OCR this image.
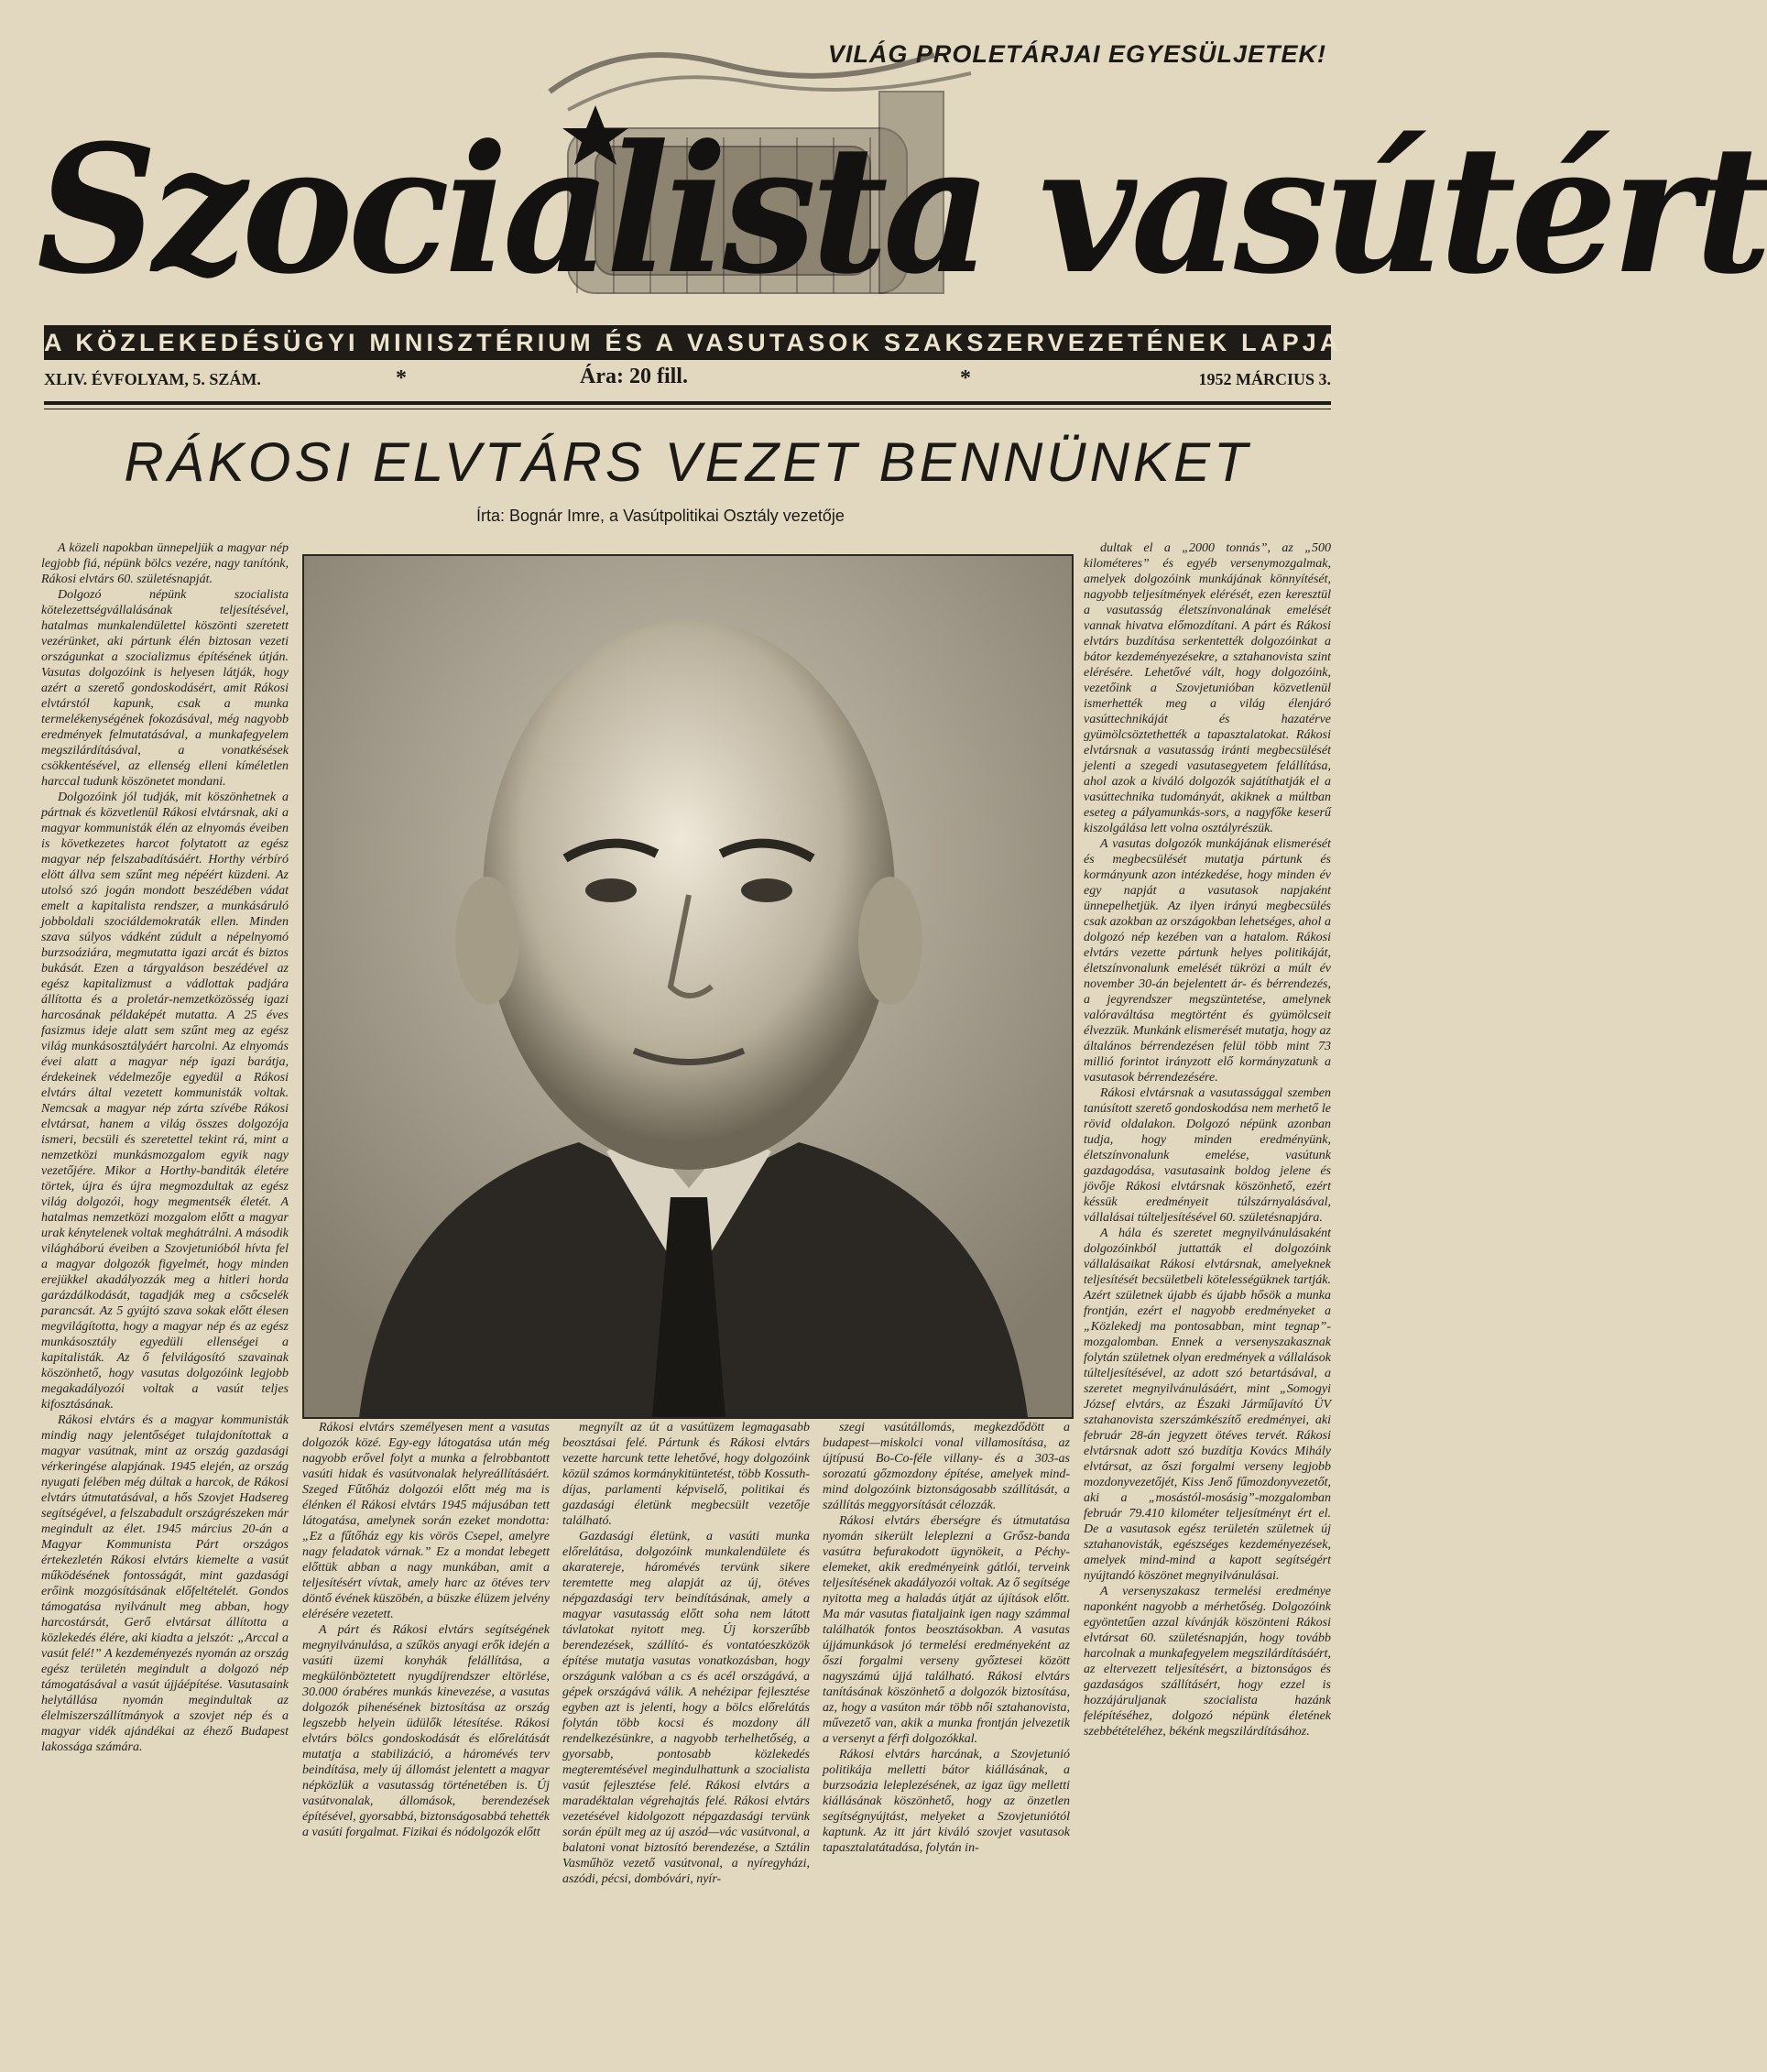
VILÁG PROLETÁRJAI EGYESÜLJETEK!
Szocialista vasútért
A KÖZLEKEDÉSÜGYI MINISZTÉRIUM ÉS A VASUTASOK SZAKSZERVEZETÉNEK LAPJA
XLIV. ÉVFOLYAM, 5. SZÁM.	*	Ára: 20 fill.	*	1952 MÁRCIUS 3.
RÁKOSI ELVTÁRS VEZET BENNÜNKET
Írta: Bognár Imre, a Vasútpolitikai Osztály vezetője

A közeli napokban ünnepeljük a magyar nép legjobb fiá, népünk bölcs vezére, nagy tanítónk, Rákosi elvtárs 60. születésnapját.

Dolgozó népünk szocialista kötelezettségvállalásának teljesítésével, hatalmas munkalendülettel köszönti szeretett vezérünket, aki pártunk élén biztosan vezeti országunkat a szocializmus építésének útján. Vasutas dolgozóink is helyesen látják, hogy azért a szerető gondoskodásért, amit Rákosi elvtárstól kapunk, csak a munka termelékenységének fokozásával, még nagyobb eredmények felmutatásával, a munkafegyelem megszilárdításával, a vonatkésések csökkentésével, az ellenség elleni kíméletlen harccal tudunk köszönetet mondani.

Dolgozóink jól tudják, mit köszönhetnek a pártnak és közvetlenül Rákosi elvtársnak, aki a magyar kommunisták élén az elnyomás éveiben is következetes harcot folytatott az egész magyar nép felszabadításáért. Horthy vérbíró elött állva sem szűnt meg népéért küzdeni. Az utolsó szó jogán mondott beszédében vádat emelt a kapitalista rendszer, a munkásáruló jobboldali szociáldemokraták ellen. Minden szava súlyos vádként zúdult a népelnyomó burzsoáziára, megmutatta igazi arcát és biztos bukását. Ezen a tárgyaláson beszédével az egész kapitalizmust a vádlottak padjára állította és a proletár-nemzetközösség igazi harcosának példaképét mutatta. A 25 éves fasizmus ideje alatt sem szűnt meg az egész világ munkásosztályáért harcolni. Az elnyomás évei alatt a magyar nép igazi barátja, érdekeinek védelmezője egyedül a Rákosi elvtárs által vezetett kommunisták voltak. Nemcsak a magyar nép zárta szívébe Rákosi elvtársat, hanem a világ összes dolgozója ismeri, becsüli és szeretettel tekint rá, mint a nemzetközi munkásmozgalom egyik nagy vezetőjére. Mikor a Horthy-banditák életére törtek, újra és újra megmozdultak az egész világ dolgozói, hogy megmentsék életét. A hatalmas nemzetközi mozgalom előtt a magyar urak kénytelenek voltak meghátrálni. A második világháború éveiben a Szovjetunióból hívta fel a magyar dolgozók figyelmét, hogy minden erejükkel akadályozzák meg a hitleri horda garázdálkodását, tagadják meg a csőcselék parancsát. Az 5 gyújtó szava sokak előtt élesen megvilágította, hogy a magyar nép és az egész munkásosztály egyedüli ellenségei a kapitalisták. Az ő felvilágosító szavainak köszönhető, hogy vasutas dolgozóink legjobb megakadályozói voltak a vasút teljes kifosztásának.

Rákosi elvtárs és a magyar kommunisták mindig nagy jelentőséget tulajdonítottak a magyar vasútnak, mint az ország gazdasági vérkeringése alapjának. 1945 elején, az ország nyugati felében még dúltak a harcok, de Rákosi elvtárs útmutatásával, a hős Szovjet Hadsereg segítségével, a felszabadult országrészeken már megindult az élet. 1945 március 20-án a Magyar Kommunista Párt országos értekezletén Rákosi elvtárs kiemelte a vasút működésének fontosságát, mint gazdasági erőink mozgósításának előfeltételét. Gondos támogatása nyilvánult meg abban, hogy harcostársát, Gerő elvtársat állította a közlekedés élére, aki kiadta a jelszót: „Arccal a vasút felé!” A kezdeményezés nyomán az ország egész területén megindult a dolgozó nép támogatásával a vasút újjáépítése. Vasutasaink helytállása nyomán megindultak az élelmiszerszállítmányok a szovjet nép és a magyar vidék ajándékai az éhező Budapest lakossága számára.

Rákosi elvtárs személyesen ment a vasutas dolgozók közé. Egy-egy látogatása után még nagyobb erővel folyt a munka a felrobbantott vasúti hidak és vasútvonalak helyreállításáért. Szeged Fűtőház dolgozói előtt még ma is élénken él Rákosi elvtárs 1945 májusában tett látogatása, amelynek során ezeket mondotta: „Ez a fűtőház egy kis vörös Csepel, amelyre nagy feladatok várnak.” Ez a mondat lebegett előttük abban a nagy munkában, amit a teljesítésért vívtak, amely harc az ötéves terv döntő évének küszöbén, a büszke élüzem jelvény elérésére vezetett.

A párt és Rákosi elvtárs segítségének megnyilvánulása, a szűkös anyagi erők idején a vasúti üzemi konyhák felállítása, a megkülönböztetett nyugdíjrendszer eltörlése, 30.000 órabéres munkás kinevezése, a vasutas dolgozók pihenésének biztosítása az ország legszebb helyein üdülők létesítése. Rákosi elvtárs bölcs gondoskodását és előrelátását mutatja a stabilizáció, a háromévés terv beindítása, mely új állomást jelentett a magyar népközlük a vasutasság történetében is. Új vasútvonalak, állomások, berendezések építésével, gyorsabbá, biztonságosabbá tehették a vasúti forgalmat. Fizikai és nódolgozók előtt

megnyílt az út a vasútüzem legmagasabb beosztásai felé. Pártunk és Rákosi elvtárs vezette harcunk tette lehetővé, hogy dolgozóink közül számos kormánykitüntetést, több Kossuth-díjas, parlamenti képviselő, politikai és gazdasági életünk megbecsült vezetője található.

Gazdasági életünk, a vasúti munka előrelátása, dolgozóink munkalendülete és akaratereje, háromévés tervünk sikere teremtette meg alapját az új, ötéves népgazdasági terv beindításának, amely a magyar vasutasság előtt soha nem látott távlatokat nyitott meg. Új korszerűbb berendezések, szállító- és vontatóeszközök építése mutatja vasutas vonatkozásban, hogy országunk valóban a cs és acél országává, a gépek országává válik. A nehézipar fejlesztése egyben azt is jelenti, hogy a bölcs előrelátás folytán több kocsi és mozdony áll rendelkezésünkre, a nagyobb terhelhetőség, a gyorsabb, pontosabb közlekedés megteremtésével megindulhattunk a szocialista vasút fejlesztése felé. Rákosi elvtárs a maradéktalan végrehajtás felé. Rákosi elvtárs vezetésével kidolgozott népgazdasági tervünk során épült meg az új aszód—vác vasútvonal, a balatoni vonat biztosító berendezése, a Sztálin Vasműhöz vezető vasútvonal, a nyíregyházi, aszódi, pécsi, dombóvári, nyír-

szegi vasútállomás, megkezdődött a budapest—miskolci vonal villamosítása, az újtípusú Bo-Co-féle villany- és a 303-as sorozatú gőzmozdony építése, amelyek mind-mind dolgozóink biztonságosabb szállítását, a szállítás meggyorsítását célozzák.

Rákosi elvtárs éberségre és útmutatása nyomán sikerült leleplezni a Grősz-banda vasútra befurakodott ügynökeit, a Péchy-elemeket, akik eredményeink gátlói, terveink teljesítésének akadályozói voltak. Az ő segítsége nyitotta meg a haladás útját az újítások előtt. Ma már vasutas fiataljaink igen nagy számmal találhatók fontos beosztásokban. A vasutas újjámunkások jó termelési eredményeként az őszi forgalmi verseny győztesei között nagyszámú újjá található. Rákosi elvtárs tanításának köszönhető a dolgozók biztosítása, az, hogy a vasúton már több női sztahanovista, művezető van, akik a munka frontján jelvezetik a versenyt a férfi dolgozókkal.

Rákosi elvtárs harcának, a Szovjetunió politikája melletti bátor kiállásának, a burzsoázia leleplezésének, az igaz ügy melletti kiállásának köszönhető, hogy az önzetlen segítségnyújtást, melyeket a Szovjetuniótól kaptunk. Az itt járt kiváló szovjet vasutasok tapasztalatátadása, folytán in-

dultak el a „2000 tonnás”, az „500 kilométeres” és egyéb versenymozgalmak, amelyek dolgozóink munkájának könnyítését, nagyobb teljesítmények elérését, ezen keresztül a vasutasság életszínvonalának emelését vannak hivatva előmozdítani. A párt és Rákosi elvtárs buzdítása serkentették dolgozóinkat a bátor kezdeményezésekre, a sztahanovista szint elérésére. Lehetővé vált, hogy dolgozóink, vezetőink a Szovjetunióban közvetlenül ismerhették meg a világ élenjáró vasúttechnikáját és hazatérve gyümölcsöztethették a tapasztalatokat. Rákosi elvtársnak a vasutasság iránti megbecsülését jelenti a szegedi vasutasegyetem felállítása, ahol azok a kiváló dolgozók sajátíthatják el a vasúttechnika tudományát, akiknek a múltban eseteg a pályamunkás-sors, a nagyfőke keserű kiszolgálása lett volna osztályrészük.

A vasutas dolgozók munkájának elismerését és megbecsülését mutatja pártunk és kormányunk azon intézkedése, hogy minden év egy napját a vasutasok napjaként ünnepelhetjük. Az ilyen irányú megbecsülés csak azokban az országokban lehetséges, ahol a dolgozó nép kezében van a hatalom. Rákosi elvtárs vezette pártunk helyes politikáját, életszínvonalunk emelését tükrözi a múlt év november 30-án bejelentett ár- és bérrendezés, a jegyrendszer megszüntetése, amelynek valóraváltása megtörtént és gyümölcseit élvezzük. Munkánk elismerését mutatja, hogy az általános bérrendezésen felül több mint 73 millió forintot irányzott elő kormányzatunk a vasutasok bérrendezésére.

Rákosi elvtársnak a vasutassággal szemben tanúsított szerető gondoskodása nem merhető le rövid oldalakon. Dolgozó népünk azonban tudja, hogy minden eredményünk, életszínvonalunk emelése, vasútunk gazdagodása, vasutasaink boldog jelene és jövője Rákosi elvtársnak köszönhető, ezért késsük eredményeit túlszárnyalásával, vállalásai túlteljesítésével 60. születésnapjára.

A hála és szeretet megnyilvánulásaként dolgozóinkból juttatták el dolgozóink vállalásaikat Rákosi elvtársnak, amelyeknek teljesítését becsületbeli kötelességüknek tartják. Azért születnek újabb és újabb hősök a munka frontján, ezért el nagyobb eredményeket a „Közlekedj ma pontosabban, mint tegnap”-mozgalomban. Ennek a versenyszakasznak folytán születnek olyan eredmények a vállalások túlteljesítésével, az adott szó betartásával, a szeretet megnyilvánulásáért, mint „Somogyi József elvtárs, az Északi Járműjavító ÜV sztahanovista szerszámkészítő eredményei, aki február 28-án jegyzett ötéves tervét. Rákosi elvtársnak adott szó buzdítja Kovács Mihály elvtársat, az őszi forgalmi verseny legjobb mozdonyvezetőjét, Kiss Jenő fűmozdonyvezetőt, aki a „mosástól-mosásig”-mozgalomban február 79.410 kilométer teljesítményt ért el. De a vasutasok egész területén születnek új sztahanovisták, egészséges kezdeményezések, amelyek mind-mind a kapott segítségért nyújtandó köszönet megnyilvánulásai.

A versenyszakasz termelési eredménye naponként nagyobb a mérhetőség. Dolgozóink egyöntetűen azzal kívánják köszönteni Rákosi elvtársat 60. születésnapján, hogy tovább harcolnak a munkafegyelem megszilárdításáért, az eltervezett teljesítésért, a biztonságos és gazdaságos szállításért, hogy ezzel is hozzájáruljanak szocialista hazánk felépítéséhez, dolgozó népünk életének szebbétételéhez, békénk megszilárdításához.
